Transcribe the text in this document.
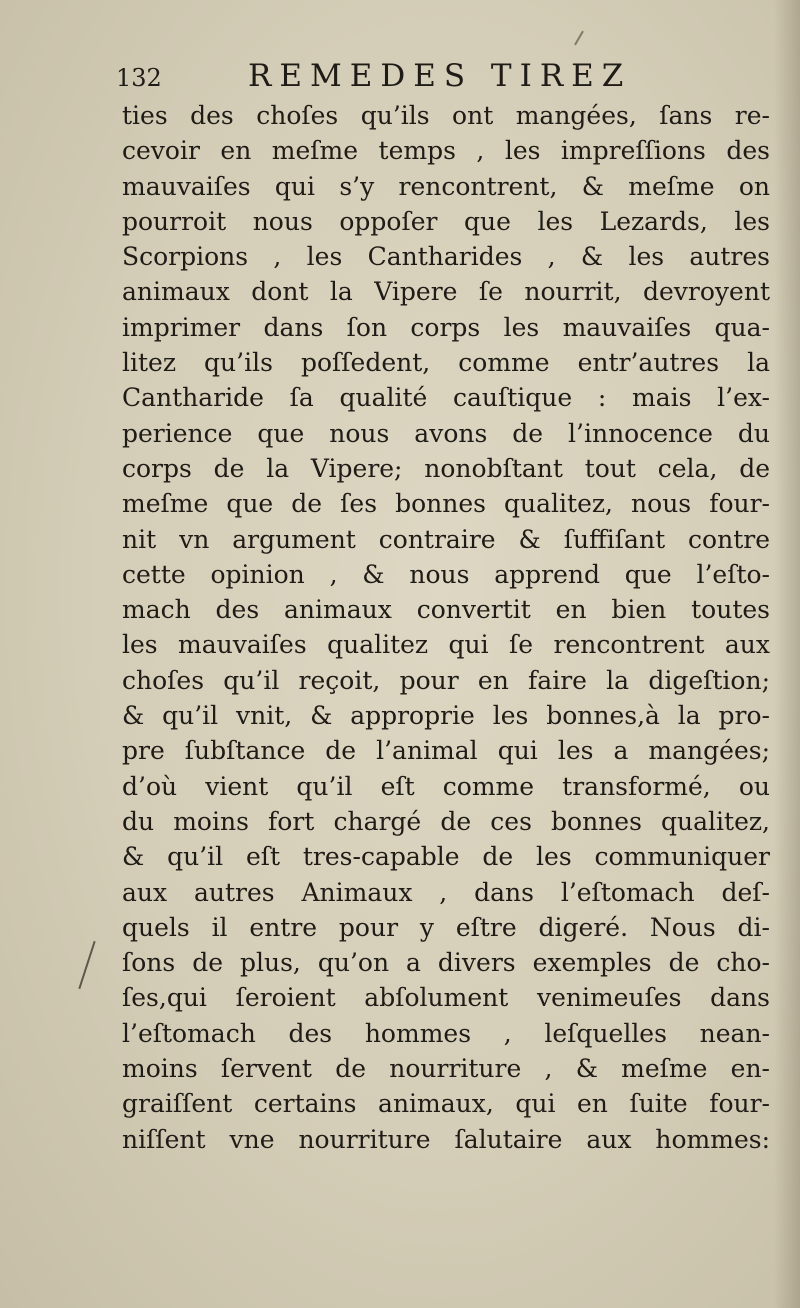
132	REMEDES TIREZ
ties des choſes qu’ils ont mangées, ſans re-
cevoir en meſme temps , les impreſſions des
mauvaiſes qui s’y rencontrent, & meſme on
pourroit nous oppoſer que les Lezards, les
Scorpions , les Cantharides , & les autres
animaux dont la Vipere ſe nourrit, devroyent
imprimer dans ſon corps les mauvaiſes qua-
litez qu’ils poſſedent, comme entr’autres la
Cantharide ſa qualité cauſtique : mais l’ex-
perience que nous avons de l’innocence du
corps de la Vipere; nonobſtant tout cela, de
meſme que de ſes bonnes qualitez, nous four-
nit vn argument contraire & ſuffiſant contre
cette opinion , & nous apprend que l’eſto-
mach des animaux convertit en bien toutes
les mauvaiſes qualitez qui ſe rencontrent aux
choſes qu’il reçoit, pour en faire la digeſtion;
& qu’il vnit, & approprie les bonnes,à la pro-
pre ſubſtance de l’animal qui les a mangées;
d’où vient qu’il eſt comme transformé, ou
du moins fort chargé de ces bonnes qualitez,
& qu’il eſt tres-capable de les communiquer
aux autres Animaux , dans l’eſtomach deſ-
quels il entre pour y eſtre digeré. Nous di-
ſons de plus, qu’on a divers exemples de cho-
ſes,qui ſeroient abſolument venimeuſes dans
l’eſtomach des hommes , leſquelles nean-
moins ſervent de nourriture , & meſme en-
graiſſent certains animaux, qui en ſuite four-
niſſent vne nourriture ſalutaire aux hommes:
